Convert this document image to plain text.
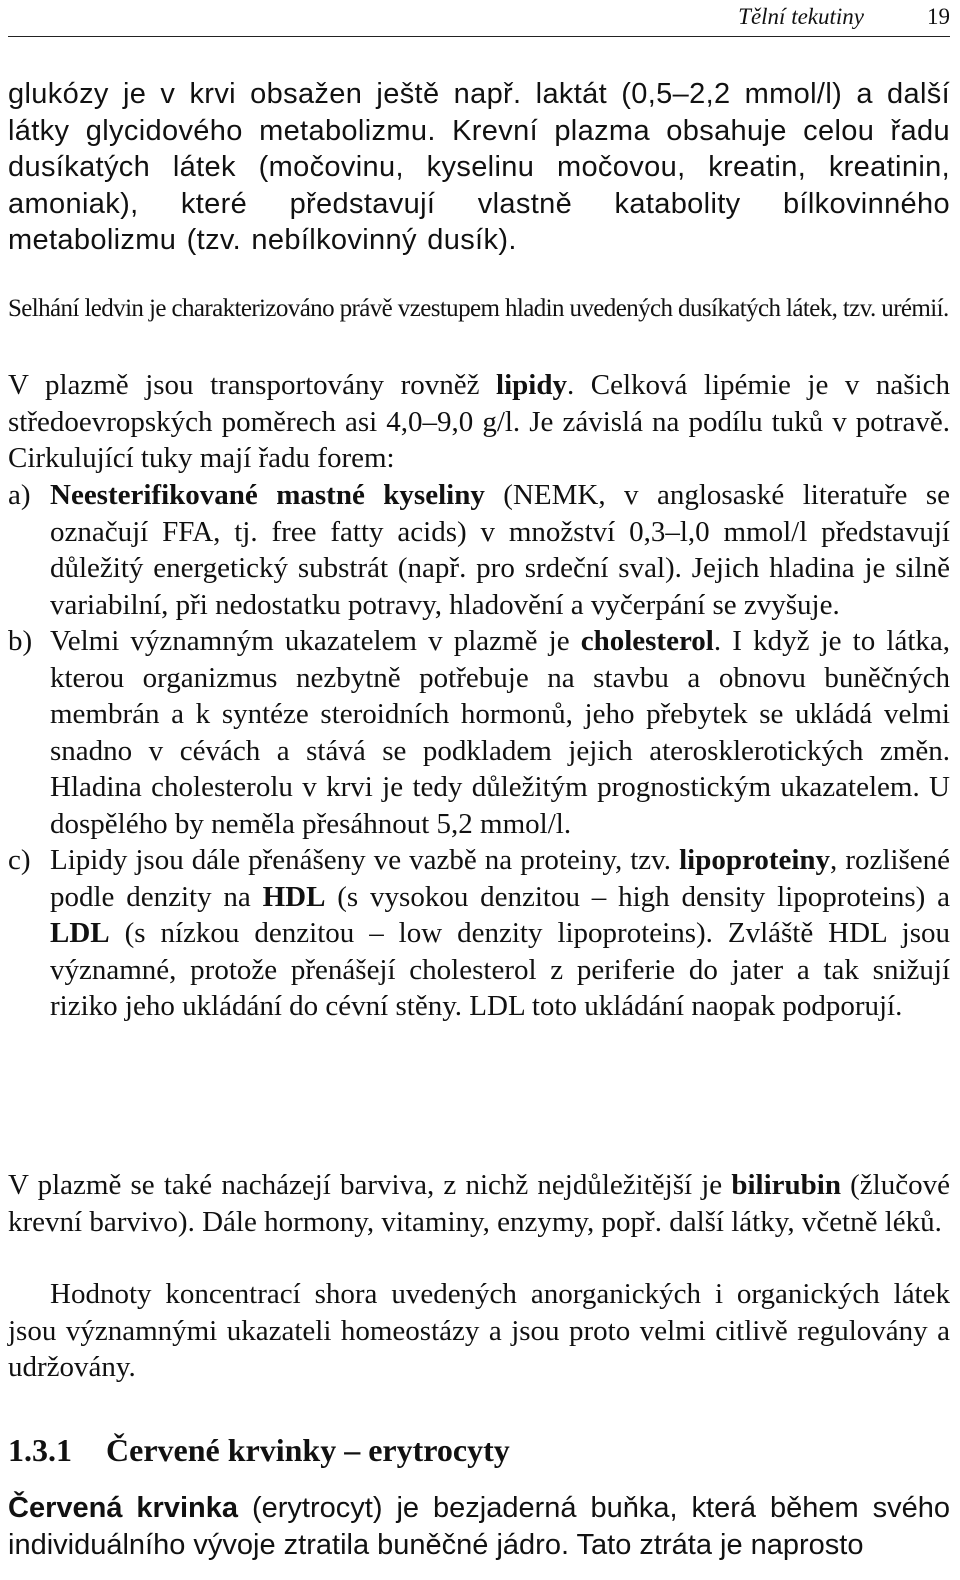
Tělní tekutiny	19

glukózy je v krvi obsažen ještě např. laktát (0,5–2,2 mmol/l) a další látky glycidového metabolizmu. Krevní plazma obsahuje celou řadu dusíkatých látek (močovinu, kyselinu močovou, kreatin, kreatinin, amoniak), které představují vlastně katabolity bílkovinného metabolizmu (tzv. nebílkovinný dusík).

Selhání ledvin je charakterizováno právě vzestupem hladin uvedených dusíkatých látek, tzv. urémií.

V plazmě jsou transportovány rovněž lipidy. Celková lipémie je v našich středoevropských poměrech asi 4,0–9,0 g/l. Je závislá na podílu tuků v potravě. Cirkulující tuky mají řadu forem:

a) Neesterifikované mastné kyseliny (NEMK, v anglosaské literatuře se označují FFA, tj. free fatty acids) v množství 0,3–l,0 mmol/l představují důležitý energetický substrát (např. pro srdeční sval). Jejich hladina je silně variabilní, při nedostatku potravy, hladovění a vyčerpání se zvyšuje.
b) Velmi významným ukazatelem v plazmě je cholesterol. I když je to látka, kterou organizmus nezbytně potřebuje na stavbu a obnovu buněčných membrán a k syntéze steroidních hormonů, jeho přebytek se ukládá velmi snadno v cévách a stává se podkladem jejich aterosklerotických změn. Hladina cholesterolu v krvi je tedy důležitým prognostickým ukazatelem. U dospělého by neměla přesáhnout 5,2 mmol/l.
c) Lipidy jsou dále přenášeny ve vazbě na proteiny, tzv. lipoproteiny, rozlišené podle denzity na HDL (s vysokou denzitou – high density lipoproteins) a LDL (s nízkou denzitou – low denzity lipoproteins). Zvláště HDL jsou významné, protože přenášejí cholesterol z periferie do jater a tak snižují riziko jeho ukládání do cévní stěny. LDL toto ukládání naopak podporují.

V plazmě se také nacházejí barviva, z nichž nejdůležitější je bilirubin (žlučové krevní barvivo). Dále hormony, vitaminy, enzymy, popř. další látky, včetně léků.

Hodnoty koncentrací shora uvedených anorganických i organických látek jsou významnými ukazateli homeostázy a jsou proto velmi citlivě regulovány a udržovány.

1.3.1 Červené krvinky – erytrocyty

Červená krvinka (erytrocyt) je bezjaderná buňka, která během svého individuálního vývoje ztratila buněčné jádro. Tato ztráta je naprosto
